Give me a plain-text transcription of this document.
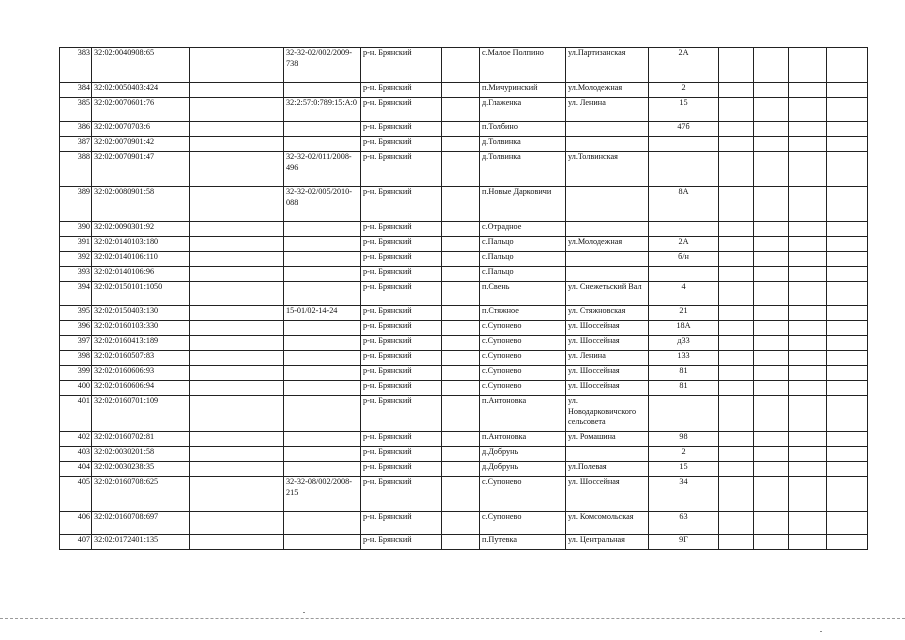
383	32:02:0040908:65		32-32-02/002/2009-738	р-н. Брянский		с.Малое Полпино	ул.Партизанская	2А				
384	32:02:0050403:424			р-н. Брянский		п.Мичуринский	ул.Молодежная	2				
385	32:02:0070601:76		32:2:57:0:789:15:А:0	р-н. Брянский		д.Глаженка	ул. Ленина	15				
386	32:02:0070703:6			р-н. Брянский		п.Толбино		47б				
387	32:02:0070901:42			р-н. Брянский		д.Толвинка						
388	32:02:0070901:47		32-32-02/011/2008-496	р-н. Брянский		д.Толвинка	ул.Толвинская					
389	32:02:0080901:58		32-32-02/005/2010-088	р-н. Брянский		п.Новые Дарковичи		8А				
390	32:02:0090301:92			р-н. Брянский		с.Отрадное						
391	32:02:0140103:180			р-н. Брянский		с.Пальцо	ул.Молодежная	2А				
392	32:02:0140106:110			р-н. Брянский		с.Пальцо		б/н				
393	32:02:0140106:96			р-н. Брянский		с.Пальцо						
394	32:02:0150101:1050			р-н. Брянский		п.Свень	ул. Снежетьский Вал	4				
395	32:02:0150403:130		15-01/02-14-24	р-н. Брянский		п.Стяжное	ул. Стяжновская	21				
396	32:02:0160103:330			р-н. Брянский		с.Супонево	ул. Шоссейная	18А				
397	32:02:0160413:189			р-н. Брянский		с.Супонево	ул. Шоссейная	д33				
398	32:02:0160507:83			р-н. Брянский		с.Супонево	ул. Ленина	133				
399	32:02:0160606:93			р-н. Брянский		с.Супонево	ул. Шоссейная	81				
400	32:02:0160606:94			р-н. Брянский		с.Супонево	ул. Шоссейная	81				
401	32:02:0160701:109			р-н. Брянский		п.Антоновка	ул. Новодарковичского сельсовета					
402	32:02:0160702:81			р-н. Брянский		п.Антоновка	ул. Ромашина	98				
403	32:02:0030201:58			р-н. Брянский		д.Добрунь		2				
404	32:02:0030238:35			р-н. Брянский		д.Добрунь	ул.Полевая	15				
405	32:02:0160708:625		32-32-08/002/2008-215	р-н. Брянский		с.Супонево	ул. Шоссейная	34				
406	32:02:0160708:697			р-н. Брянский		с.Супонево	ул. Комсомольская	63				
407	32:02:0172401:135			р-н. Брянский		п.Путевка	ул. Центральная	9Г				
